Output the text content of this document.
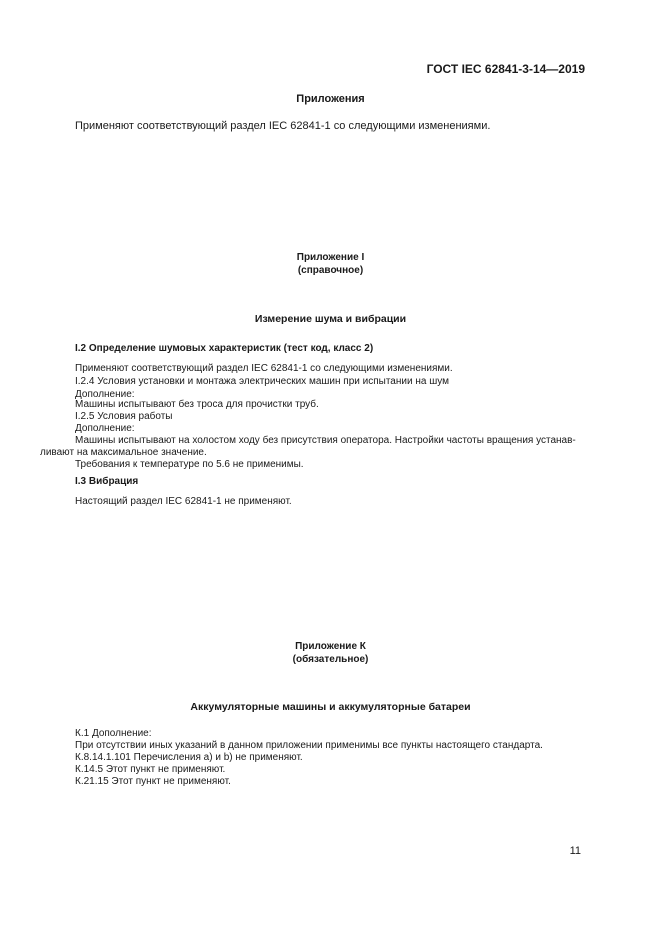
ГОСТ IEC 62841-3-14—2019
Приложения
Применяют соответствующий раздел IEC 62841-1 со следующими изменениями.
Приложение I
(справочное)
Измерение шума и вибрации
I.2 Определение шумовых характеристик (тест код, класс 2)
Применяют соответствующий раздел IEC 62841-1 со следующими изменениями.
I.2.4 Условия установки и монтажа электрических машин при испытании на шум
Дополнение:
Машины испытывают без троса для прочистки труб.
I.2.5 Условия работы
Дополнение:
Машины испытывают на холостом ходу без присутствия оператора. Настройки частоты вращения устанав-
ливают на максимальное значение.
Требования к температуре по 5.6 не применимы.
I.3 Вибрация
Настоящий раздел IEC 62841-1 не применяют.
Приложение К
(обязательное)
Аккумуляторные машины и аккумуляторные батареи
К.1 Дополнение:
При отсутствии иных указаний в данном приложении применимы все пункты настоящего стандарта.
К.8.14.1.101 Перечисления a) и b) не применяют.
К.14.5 Этот пункт не применяют.
К.21.15 Этот пункт не применяют.
11
